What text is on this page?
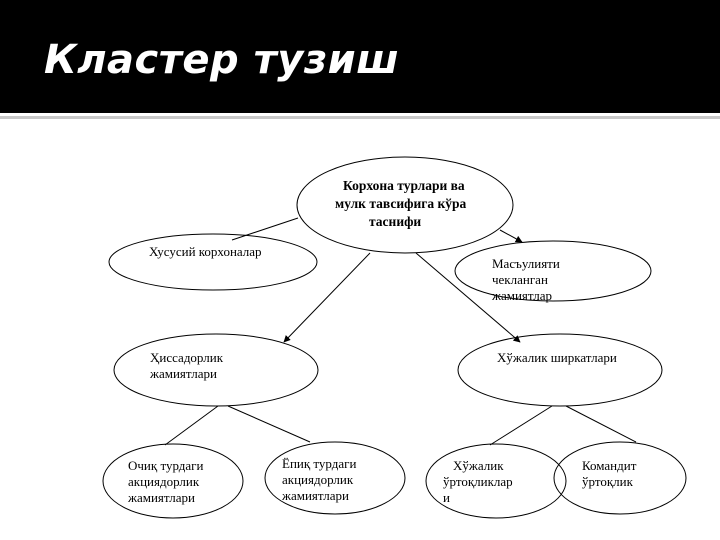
Кластер тузиш
Корхона турлари ва
мулк тавсифига кўра
таснифи
Хусусий корхоналар
Масъулияти
чекланган
жамиятлар
Ҳиссадорлик
жамиятлари
Хўжалик ширкатлари
Очиқ турдаги
акциядорлик
жамиятлари
Ёпиқ турдаги
акциядорлик
жамиятлари
Хўжалик
ўртоқликлар
и
Командит
ўртоқлик
